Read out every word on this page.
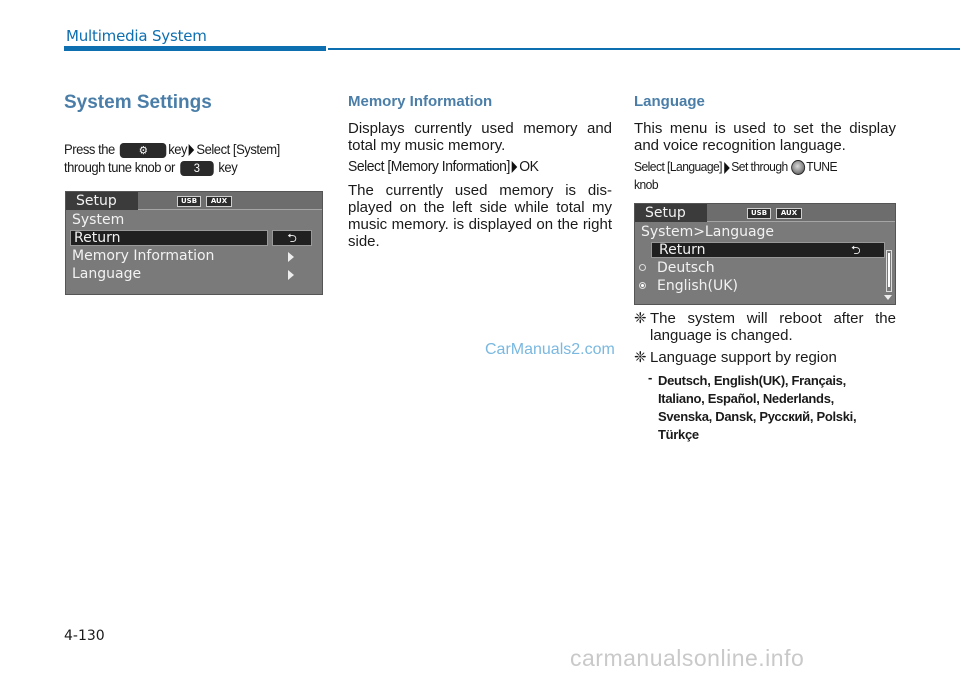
Multimedia System
System Settings
Press the ⚙ key Select [System]
through tune knob or 3 key
Setup	USB	AUX
System
Return	⮌
Memory Information
Language
Memory Information

Displays currently used memory and total my music memory.

Select [Memory Information] OK

The currently used memory is dis-played on the left side while total my music memory. is displayed on the right side.

Language

This menu is used to set the display and voice recognition language.

Select [Language] Set through TUNE
knob
Setup	USB	AUX
System>Language
Return	⮌
Deutsch
English(UK)

❈ The system will reboot after the language is changed.

❈ Language support by region

- Deutsch, English(UK), Français,
Italiano, Español, Nederlands,
Svenska, Dansk, Русский, Polski,
Türkçe
CarManuals2.com
4-130
carmanualsonline.info
